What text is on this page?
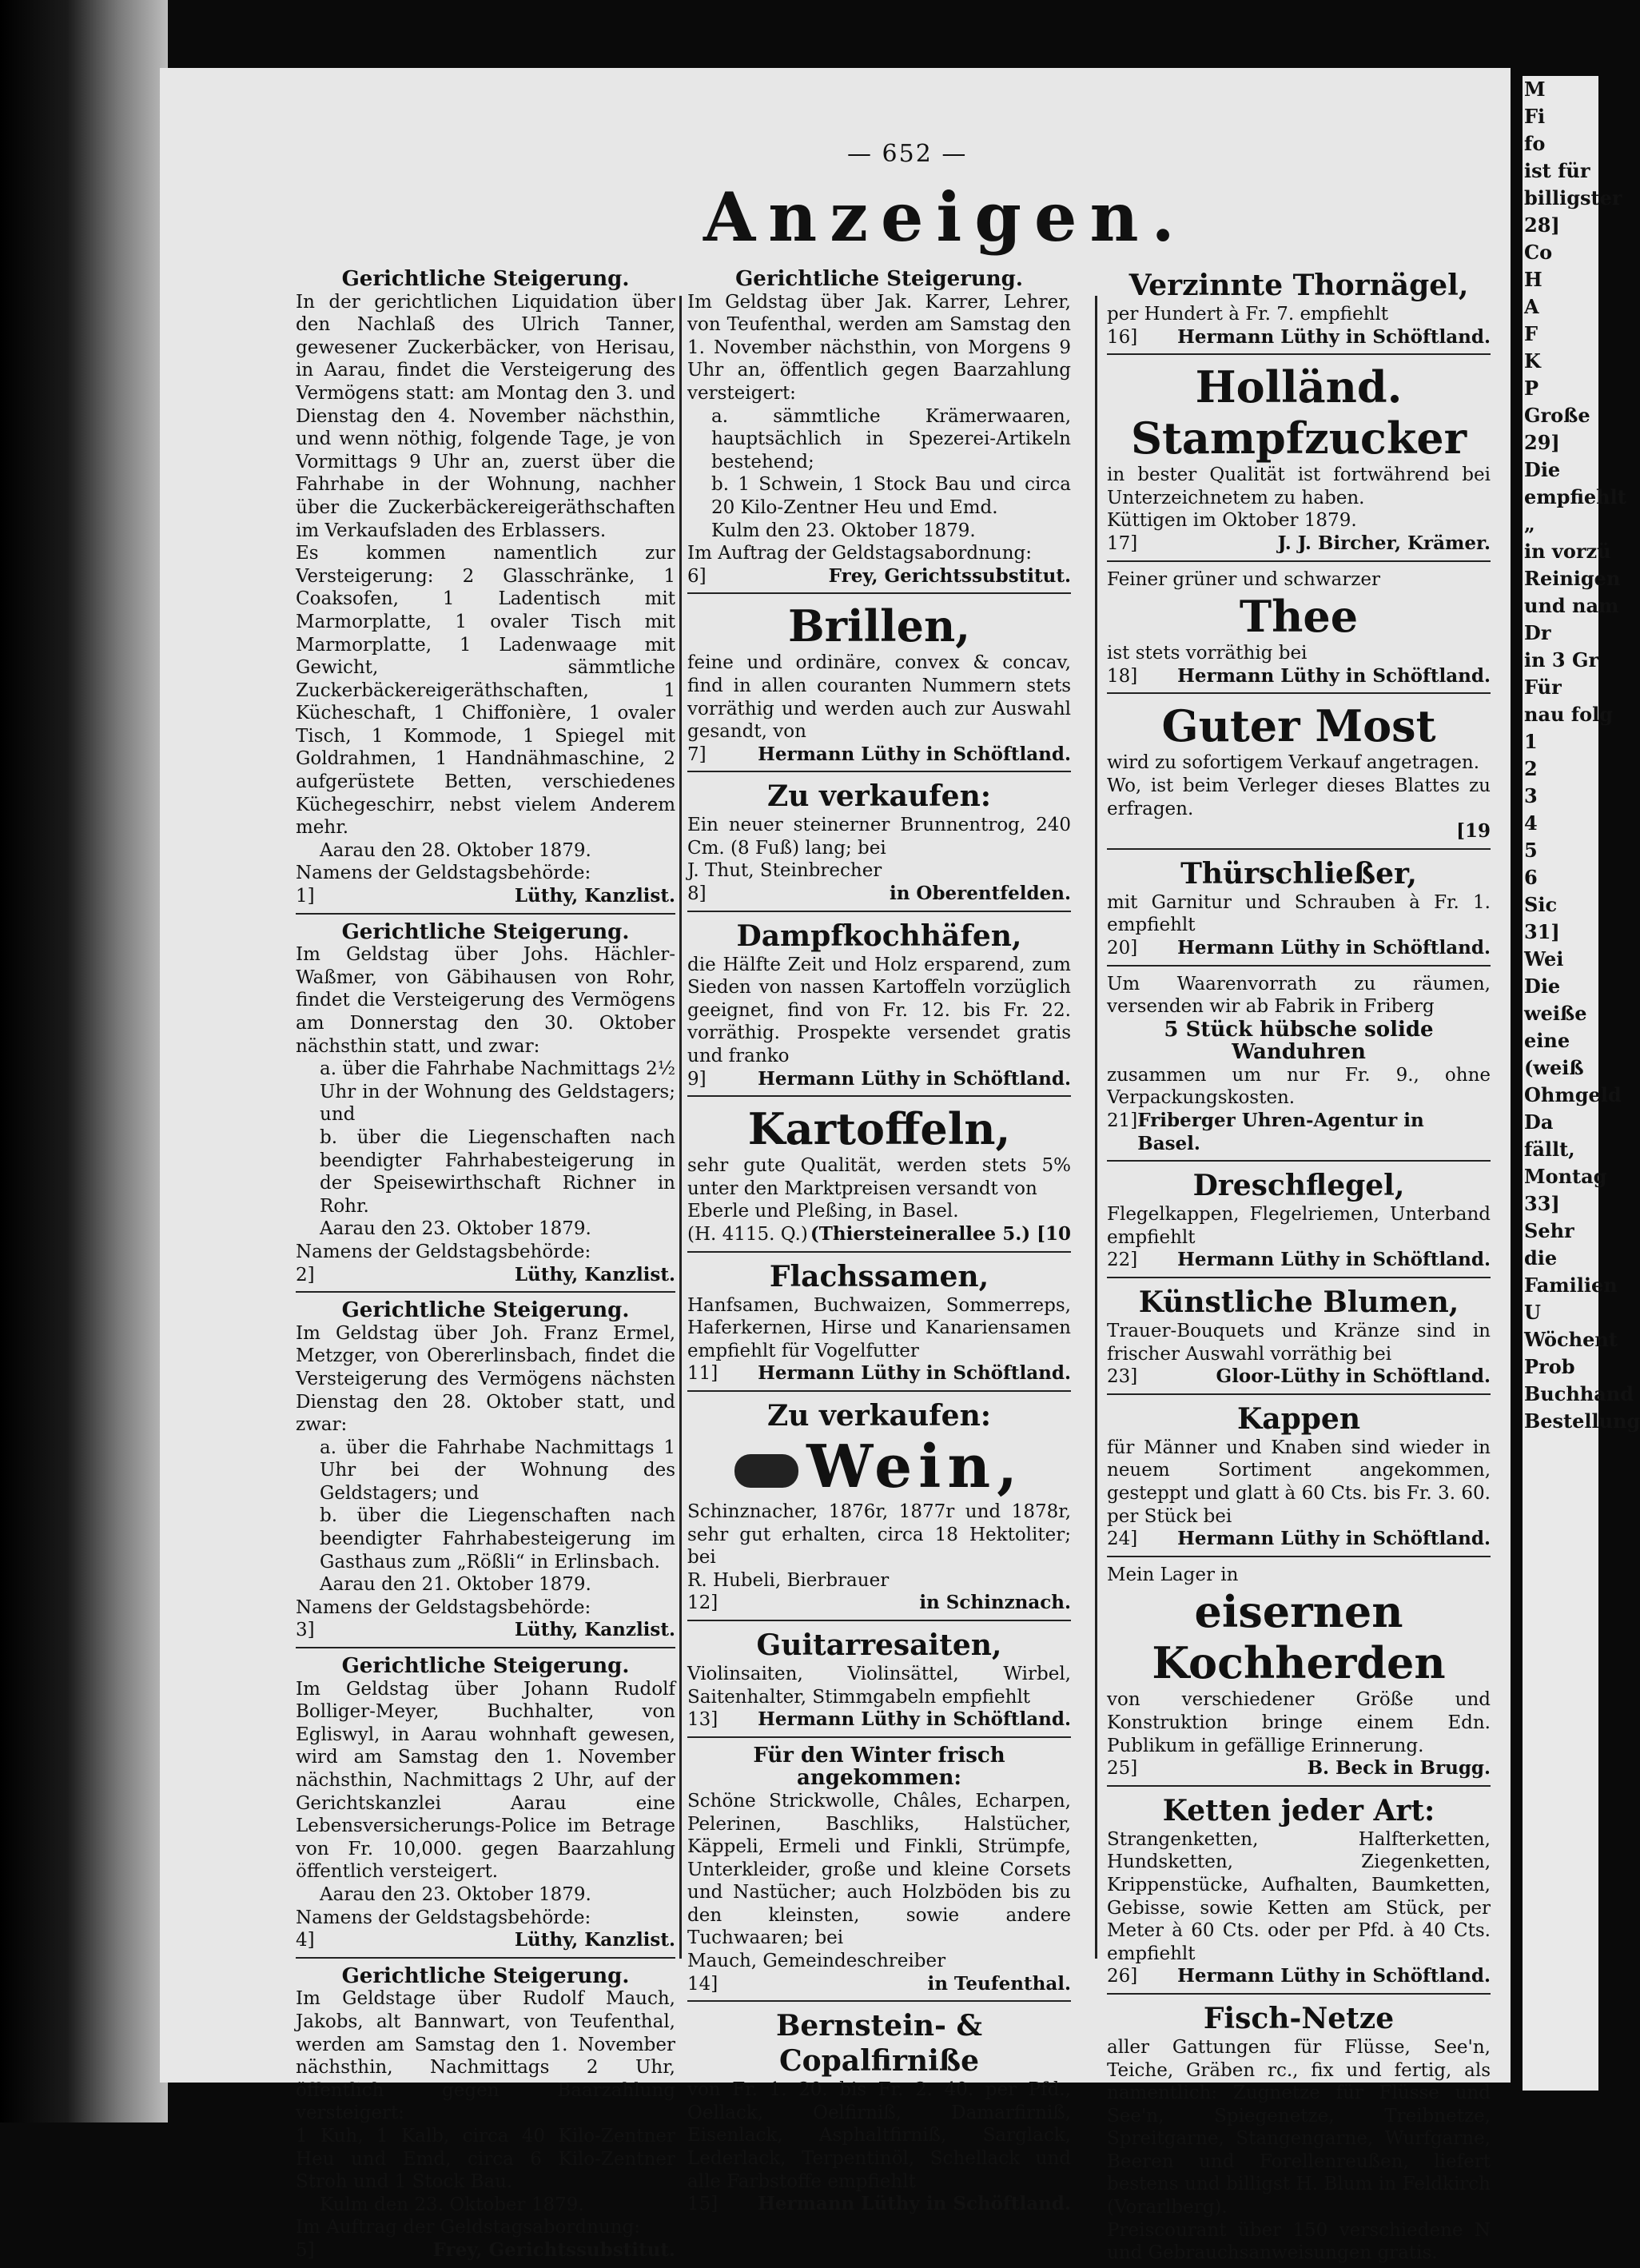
M
Fi
fo
ist für
billigster
28]
Co
H
A
F
K
P
Große
29]
Die
empfiehlt
„
in vorzü
Reinigen
und nam
Dr
in 3 Gr
Für
nau folg
1
2
3
4
5
6
Sic
31]
Wei
Die
weiße
eine
(weiß
Ohmgeld
Da
fällt,
Montag
33]
Sehr
die
Familien
U
Wöchent
Prob
Buchhand
Bestellung
— 652 —
Anzeigen.
Gerichtliche Steigerung.

In der gerichtlichen Liquidation über den Nachlaß des Ulrich Tanner, gewesener Zuckerbäcker, von Herisau, in Aarau, findet die Versteigerung des Vermögens statt: am Montag den 3. und Dienstag den 4. November nächsthin, und wenn nöthig, folgende Tage, je von Vormittags 9 Uhr an, zuerst über die Fahrhabe in der Wohnung, nachher über die Zuckerbäckereigeräthschaften im Verkaufsladen des Erblassers.

Es kommen namentlich zur Versteigerung: 2 Glasschränke, 1 Coaksofen, 1 Ladentisch mit Marmorplatte, 1 ovaler Tisch mit Marmorplatte, 1 Ladenwaage mit Gewicht, sämmtliche Zuckerbäckereigeräthschaften, 1 Kücheschaft, 1 Chiffonière, 1 ovaler Tisch, 1 Kommode, 1 Spiegel mit Goldrahmen, 1 Handnähmaschine, 2 aufgerüstete Betten, verschiedenes Küchegeschirr, nebst vielem Anderem mehr.

Aarau den 28. Oktober 1879.

Namens der Geldstagsbehörde:

1]	Lüthy, Kanzlist.
Gerichtliche Steigerung.

Im Geldstag über Johs. Hächler-Waßmer, von Gäbihausen von Rohr, findet die Versteigerung des Vermögens am Donnerstag den 30. Oktober nächsthin statt, und zwar:

a. über die Fahrhabe Nachmittags 2½ Uhr in der Wohnung des Geldstagers; und

b. über die Liegenschaften nach beendigter Fahrhabesteigerung in der Speisewirthschaft Richner in Rohr.

Aarau den 23. Oktober 1879.

Namens der Geldstagsbehörde:

2]	Lüthy, Kanzlist.
Gerichtliche Steigerung.

Im Geldstag über Joh. Franz Ermel, Metzger, von Obererlinsbach, findet die Versteigerung des Vermögens nächsten Dienstag den 28. Oktober statt, und zwar:

a. über die Fahrhabe Nachmittags 1 Uhr bei der Wohnung des Geldstagers; und

b. über die Liegenschaften nach beendigter Fahrhabesteigerung im Gasthaus zum „Rößli“ in Erlinsbach.

Aarau den 21. Oktober 1879.

Namens der Geldstagsbehörde:

3]	Lüthy, Kanzlist.
Gerichtliche Steigerung.

Im Geldstag über Johann Rudolf Bolliger-Meyer, Buchhalter, von Egliswyl, in Aarau wohnhaft gewesen, wird am Samstag den 1. November nächsthin, Nachmittags 2 Uhr, auf der Gerichtskanzlei Aarau eine Lebensversicherungs-Police im Betrage von Fr. 10,000. gegen Baarzahlung öffentlich versteigert.

Aarau den 23. Oktober 1879.

Namens der Geldstagsbehörde:

4]	Lüthy, Kanzlist.
Gerichtliche Steigerung.

Im Geldstage über Rudolf Mauch, Jakobs, alt Bannwart, von Teufenthal, werden am Samstag den 1. November nächsthin, Nachmittags 2 Uhr, öffentlich gegen Baarzahlung versteigert:

1 Kuh, 1 Kalb, circa 40 Kilo-Zentner Heu und Emd, circa 6 Kilo-Zentner Stroh und 1 Stock Bau.

Kulm den 23. Oktober 1879.

Im Auftrag der Geldstagsabordnung:

5]	Frey, Gerichtssubstitut.
Gerichtliche Steigerung.

Im Geldstag über Jak. Karrer, Lehrer, von Teufenthal, werden am Samstag den 1. November nächsthin, von Morgens 9 Uhr an, öffentlich gegen Baarzahlung versteigert:

a. sämmtliche Krämerwaaren, hauptsächlich in Spezerei-Artikeln bestehend;

b. 1 Schwein, 1 Stock Bau und circa 20 Kilo-Zentner Heu und Emd.

Kulm den 23. Oktober 1879.

Im Auftrag der Geldstagsabordnung:

6]	Frey, Gerichtssubstitut.
Brillen,

feine und ordinäre, convex & concav, find in allen couranten Nummern stets vorräthig und werden auch zur Auswahl gesandt, von

7]	Hermann Lüthy in Schöftland.
Zu verkaufen:

Ein neuer steinerner Brunnentrog, 240 Cm. (8 Fuß) lang; bei

J. Thut, Steinbrecher

8]	in Oberentfelden.
Dampfkochhäfen,

die Hälfte Zeit und Holz ersparend, zum Sieden von nassen Kartoffeln vorzüglich geeignet, find von Fr. 12. bis Fr. 22. vorräthig. Prospekte versendet gratis und franko

9]	Hermann Lüthy in Schöftland.
Kartoffeln,

sehr gute Qualität, werden stets 5% unter den Marktpreisen versandt von

Eberle und Pleßing, in Basel.

(H. 4115. Q.) (Thiersteinerallee 5.) [10
Flachssamen,

Hanfsamen, Buchwaizen, Sommerreps, Haferkernen, Hirse und Kanariensamen empfiehlt für Vogelfutter

11] Hermann Lüthy in Schöftland.
Zu verkaufen:
Wein,

Schinznacher, 1876r, 1877r und 1878r, sehr gut erhalten, circa 18 Hektoliter; bei

R. Hubeli, Bierbrauer

12]	in Schinznach.
Guitarresaiten,

Violinsaiten, Violinsättel, Wirbel, Saitenhalter, Stimmgabeln empfiehlt

13] Hermann Lüthy in Schöftland.
Für den Winter frisch angekommen:

Schöne Strickwolle, Châles, Echarpen, Pelerinen, Baschliks, Halstücher, Käppeli, Ermeli und Finkli, Strümpfe, Unterkleider, große und kleine Corsets und Nastücher; auch Holzböden bis zu den kleinsten, sowie andere Tuchwaaren; bei

Mauch, Gemeindeschreiber

14]	in Teufenthal.
Bernstein- & Copalfirniße

von Fr. 1. 20. bis Fr. 2. 40. per Pfd., Oellack, Oelfirniß, Damarfirniß, Eisenlack, Asphaltfirniß, Sarglack, Lederlack, Terpentinöl, Schellack und alle Farbstoffe empfiehlt

15] Hermann Lüthy in Schöftland.
Verzinnte Thornägel,

per Hundert à Fr. 7. empfiehlt

16] Hermann Lüthy in Schöftland.
Holländ. Stampfzucker

in bester Qualität ist fortwährend bei Unterzeichnetem zu haben.

Küttigen im Oktober 1879.

17]	J. J. Bircher, Krämer.

Feiner grüner und schwarzer

Thee

ist stets vorräthig bei

18] Hermann Lüthy in Schöftland.
Guter Most

wird zu sofortigem Verkauf angetragen.

Wo, ist beim Verleger dieses Blattes zu erfragen.

[19
Thürschließer,

mit Garnitur und Schrauben à Fr. 1. empfiehlt

20] Hermann Lüthy in Schöftland.

Um Waarenvorrath zu räumen, versenden wir ab Fabrik in Friberg

5 Stück hübsche solide Wanduhren

zusammen um nur Fr. 9., ohne Verpackungskosten.

21] Friberger Uhren-Agentur in Basel.
Dreschflegel,

Flegelkappen, Flegelriemen, Unterband empfiehlt

22] Hermann Lüthy in Schöftland.
Künstliche Blumen,

Trauer-Bouquets und Kränze sind in frischer Auswahl vorräthig bei

23]	Gloor-Lüthy in Schöftland.
Kappen

für Männer und Knaben sind wieder in neuem Sortiment angekommen, gesteppt und glatt à 60 Cts. bis Fr. 3. 60. per Stück bei

24] Hermann Lüthy in Schöftland.

Mein Lager in

eisernen Kochherden

von verschiedener Größe und Konstruktion bringe einem Edn. Publikum in gefällige Erinnerung.

25]	B. Beck in Brugg.
Ketten jeder Art:

Strangenketten, Halfterketten, Hundsketten, Ziegenketten, Krippenstücke, Aufhalten, Baumketten, Gebisse, sowie Ketten am Stück, per Meter à 60 Cts. oder per Pfd. à 40 Cts. empfiehlt

26] Hermann Lüthy in Schöftland.
Fisch-Netze

aller Gattungen für Flüsse, See'n, Teiche, Gräben rc., fix und fertig, als namentlich: Zugnetze für Flüsse und See'n, Spiegenetze, Treibnetze, Spreitgarne, Stangengarne, Wurfgarne, Beeren und Forellenreußen, liefert bestens und billigst H. Blum in Feldkirch (Vorarlberg).

Preiscourant über 150 verschiedene N und Gebrauchsanweisungen gratis.
